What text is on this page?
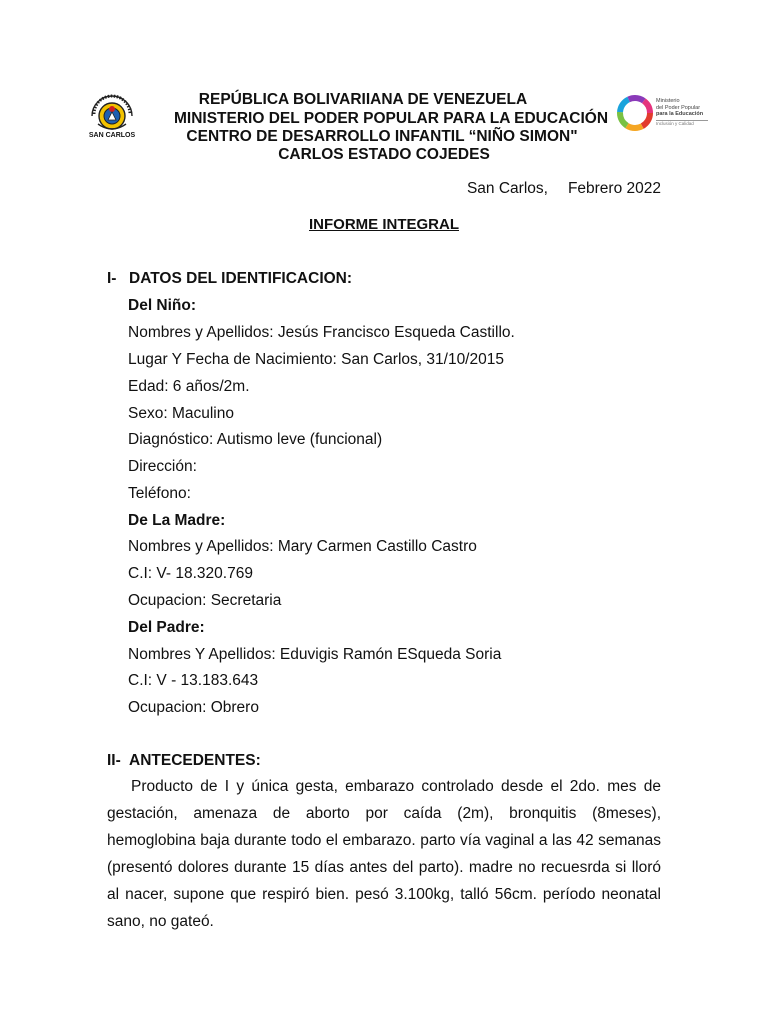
SAN CARLOS
REPÚBLICA BOLIVARIIANA DE VENEZUELA
MINISTERIO DEL PODER POPULAR PARA LA EDUCACIÓN
CENTRO DE DESARROLLO INFANTIL “NIÑO SIMON"
CARLOS ESTADO COJEDES
Ministerio
del Poder Popular
para la Educación
Inclusión y Calidad
San Carlos, Febrero 2022
INFORME INTEGRAL
I- DATOS DEL IDENTIFICACION:
Del Niño:
Nombres y Apellidos: Jesús Francisco Esqueda Castillo.
Lugar Y Fecha de Nacimiento: San Carlos, 31/10/2015
Edad: 6 años/2m.
Sexo: Maculino
Diagnóstico: Autismo leve (funcional)
Dirección:
Teléfono:
De La Madre:
Nombres y Apellidos: Mary Carmen Castillo Castro
C.I: V- 18.320.769
Ocupacion: Secretaria
Del Padre:
Nombres Y Apellidos: Eduvigis Ramón ESqueda Soria
C.I: V - 13.183.643
Ocupacion: Obrero
II- ANTECEDENTES:
Producto de I y única gesta, embarazo controlado desde el 2do. mes de gestación, amenaza de aborto por caída (2m), bronquitis (8meses), hemoglobina baja durante todo el embarazo. parto vía vaginal a las 42 semanas (presentó dolores durante 15 días antes del parto). madre no recuesrda si lloró al nacer, supone que respiró bien. pesó 3.100kg, talló 56cm. período neonatal sano, no gateó.
